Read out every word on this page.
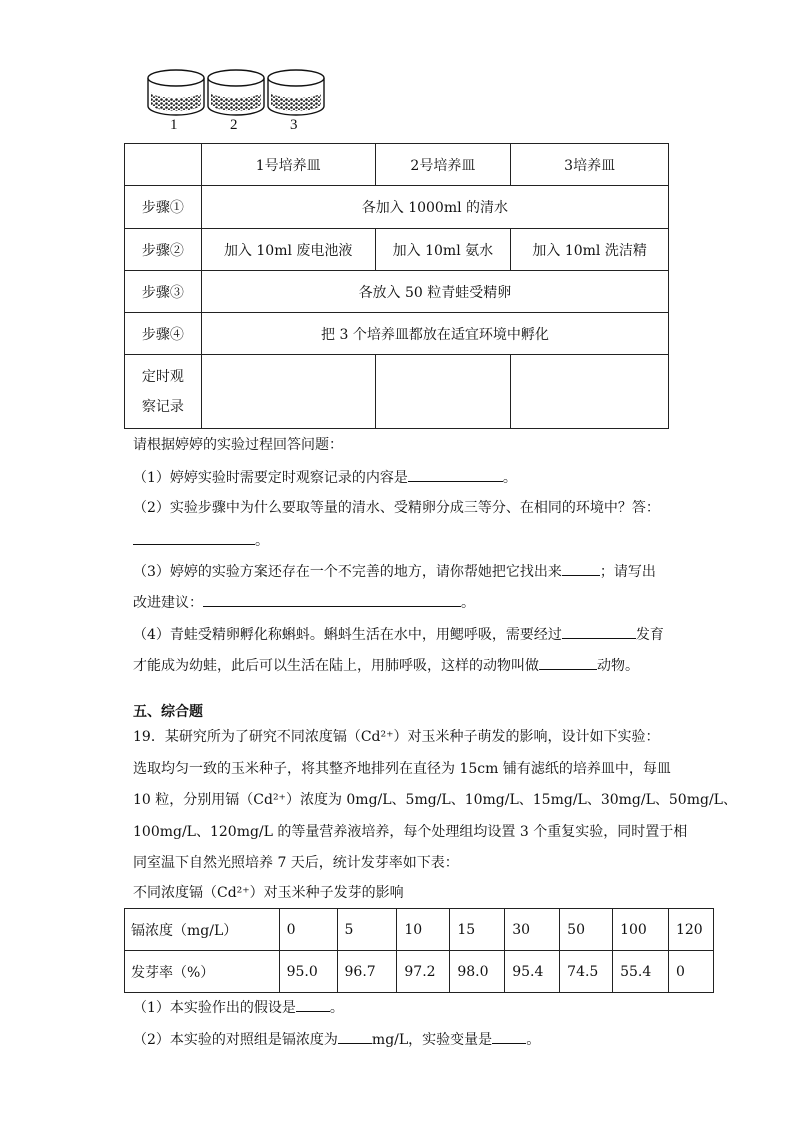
1	2	3
	1号培养皿	2号培养皿	3培养皿
步骤①	各加入 1000ml 的清水		
步骤②	加入 10ml 废电池液	加入 10ml 氨水	加入 10ml 洗洁精
步骤③	各放入 50 粒青蛙受精卵		
步骤④	把 3 个培养皿都放在适宜环境中孵化		

定时观
察记录			

请根据婷婷的实验过程回答问题：
（1）婷婷实验时需要定时观察记录的内容是	。
（2）实验步骤中为什么要取等量的清水、受精卵分成三等分、在相同的环境中？答：
。
（3）婷婷的实验方案还存在一个不完善的地方，请你帮她把它找出来	；请写出
改进建议：	。
（4）青蛙受精卵孵化称蝌蚪。蝌蚪生活在水中，用鳃呼吸，需要经过	发育
才能成为幼蛙，此后可以生活在陆上，用肺呼吸，这样的动物叫做	动物。
五、综合题
19．某研究所为了研究不同浓度镉（Cd²⁺）对玉米种子萌发的影响，设计如下实验：
选取均匀一致的玉米种子，将其整齐地排列在直径为 15cm 铺有滤纸的培养皿中，每皿
10 粒，分别用镉（Cd²⁺）浓度为 0mg/L、5mg/L、10mg/L、15mg/L、30mg/L、50mg/L、
100mg/L、120mg/L 的等量营养液培养，每个处理组均设置 3 个重复实验，同时置于相
同室温下自然光照培养 7 天后，统计发芽率如下表：
不同浓度镉（Cd²⁺）对玉米种子发芽的影响
镉浓度（mg/L）	0	5	10	15	30	50	100	120
发芽率（%）	95.0	96.7	97.2	98.0	95.4	74.5	55.4	0
（1）本实验作出的假设是 。
（2）本实验的对照组是镉浓度为 mg/L，实验变量是 。
